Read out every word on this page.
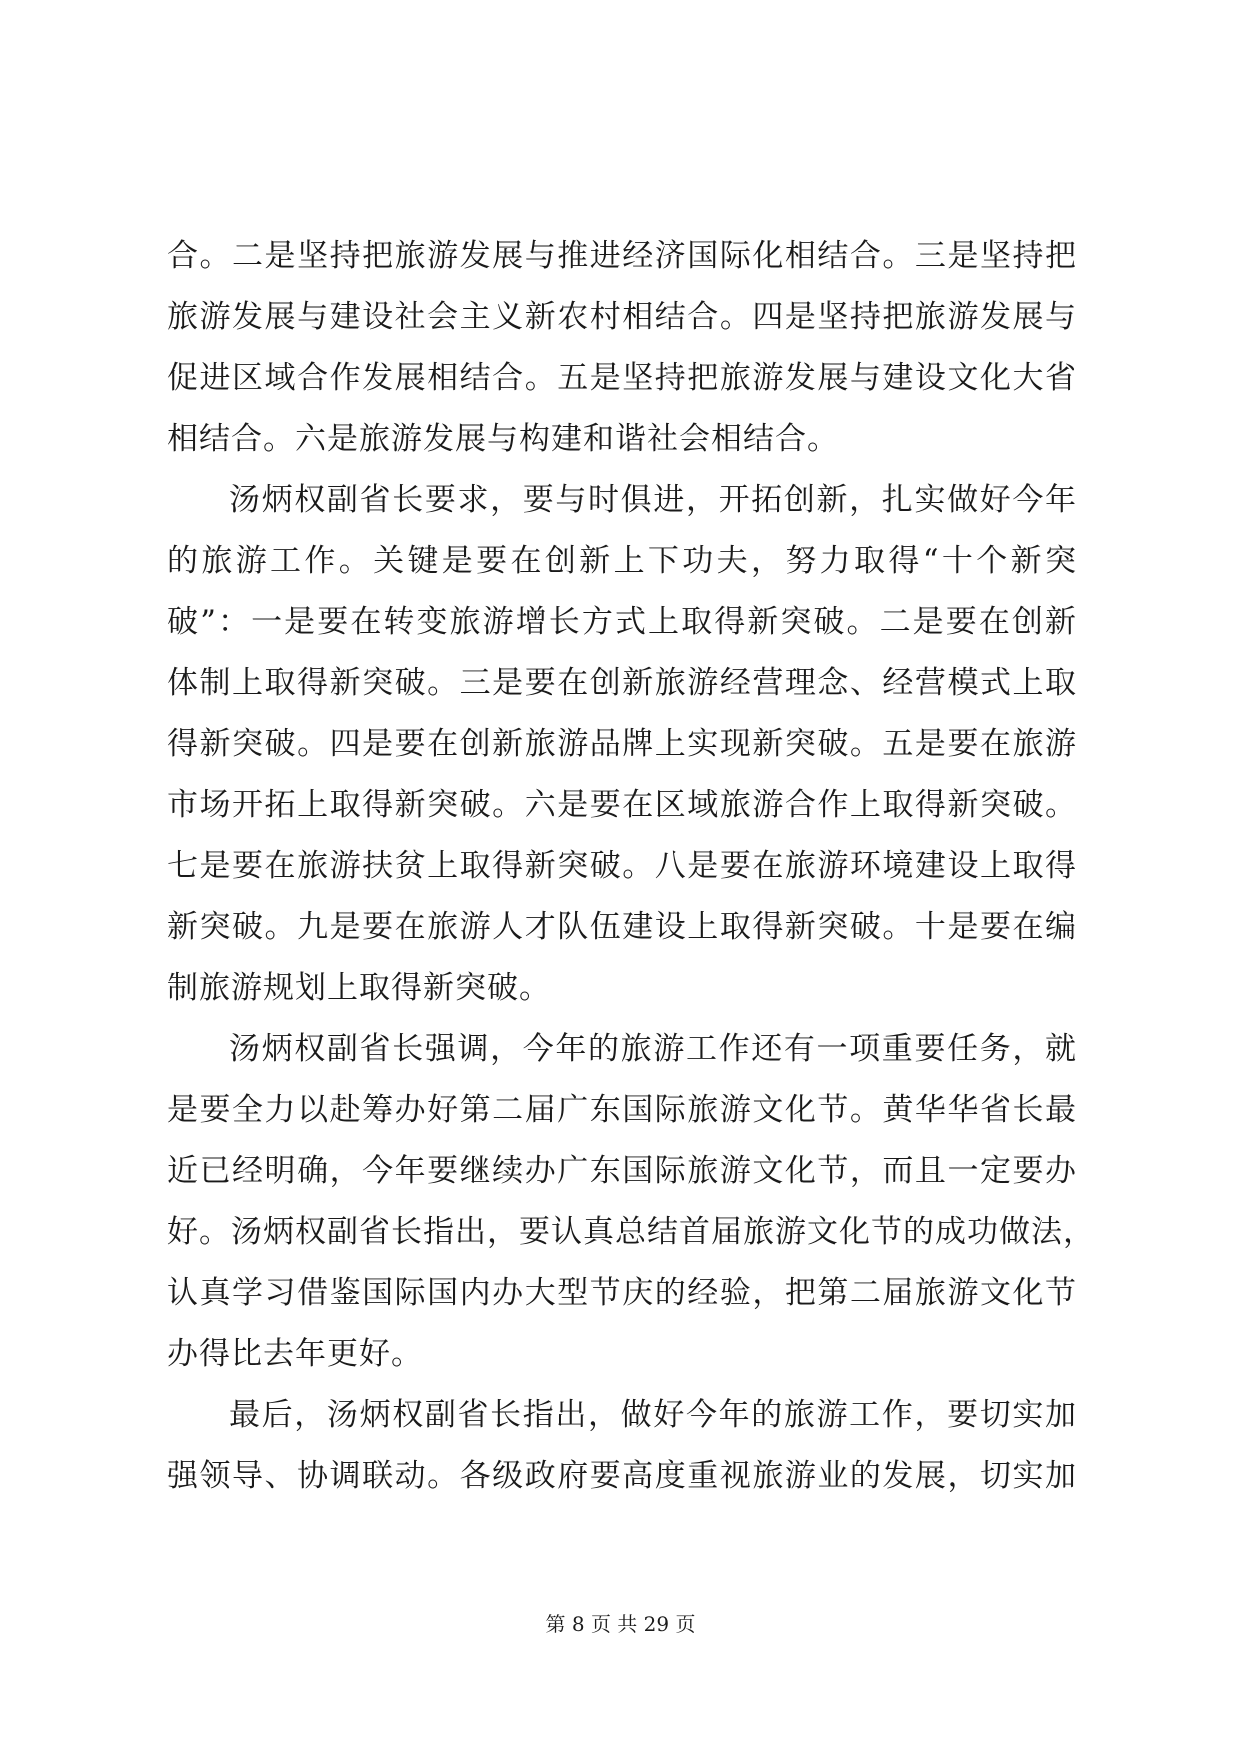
合。二是坚持把旅游发展与推进经济国际化相结合。三是坚持把
旅游发展与建设社会主义新农村相结合。四是坚持把旅游发展与
促进区域合作发展相结合。五是坚持把旅游发展与建设文化大省
相结合。六是旅游发展与构建和谐社会相结合。
汤炳权副省长要求，要与时俱进，开拓创新，扎实做好今年
的旅游工作。关键是要在创新上下功夫，努力取得“十个新突
破”：一是要在转变旅游增长方式上取得新突破。二是要在创新
体制上取得新突破。三是要在创新旅游经营理念、经营模式上取
得新突破。四是要在创新旅游品牌上实现新突破。五是要在旅游
市场开拓上取得新突破。六是要在区域旅游合作上取得新突破。
七是要在旅游扶贫上取得新突破。八是要在旅游环境建设上取得
新突破。九是要在旅游人才队伍建设上取得新突破。十是要在编
制旅游规划上取得新突破。
汤炳权副省长强调，今年的旅游工作还有一项重要任务，就
是要全力以赴筹办好第二届广东国际旅游文化节。黄华华省长最
近已经明确，今年要继续办广东国际旅游文化节，而且一定要办
好。汤炳权副省长指出，要认真总结首届旅游文化节的成功做法，
认真学习借鉴国际国内办大型节庆的经验，把第二届旅游文化节
办得比去年更好。
最后，汤炳权副省长指出，做好今年的旅游工作，要切实加
强领导、协调联动。各级政府要高度重视旅游业的发展，切实加
第 8 页 共 29 页
